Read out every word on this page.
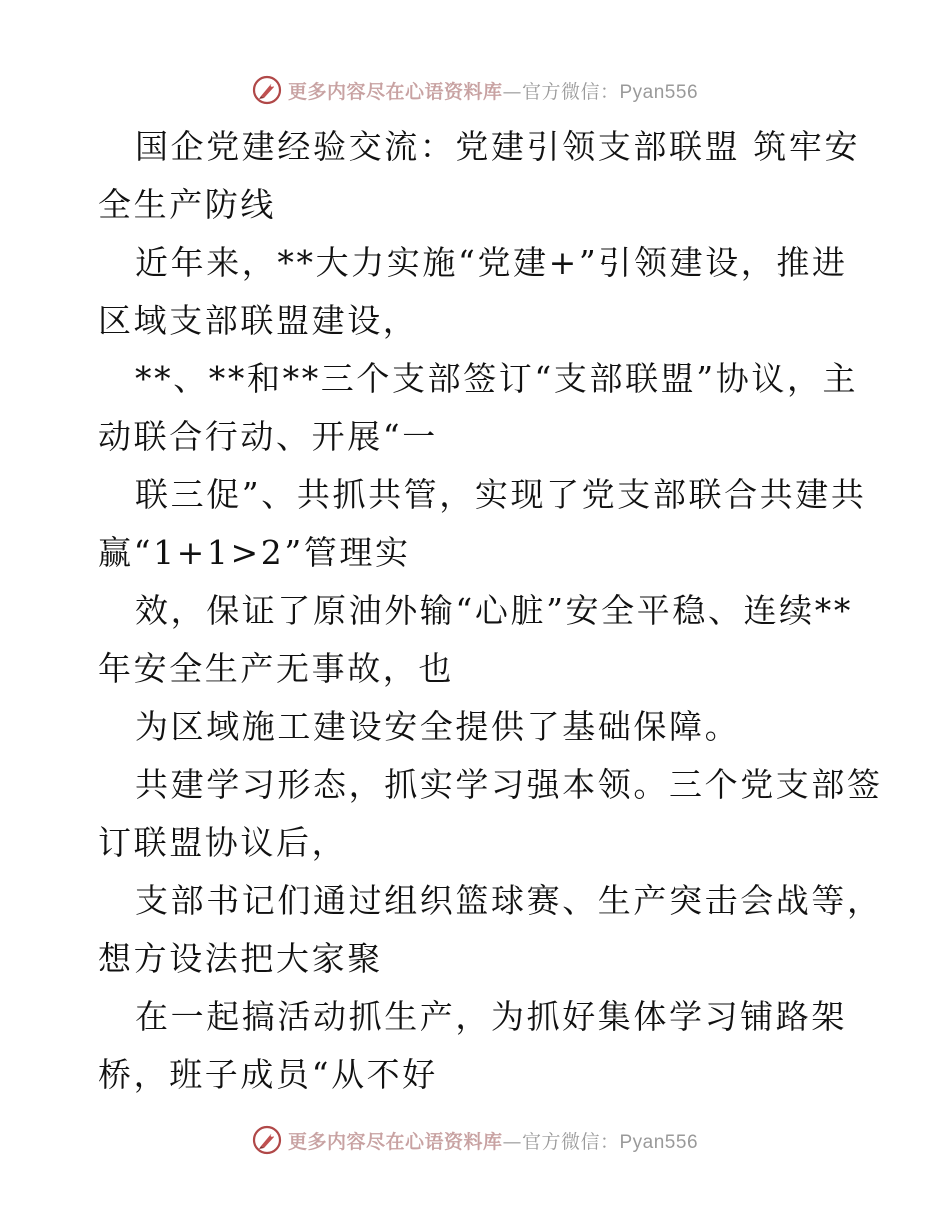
更多内容尽在心语资料库—官方微信：Pyan556

国企党建经验交流：党建引领支部联盟 筑牢安
全生产防线

近年来，**大力实施“党建+”引领建设，推进
区域支部联盟建设，

**、**和**三个支部签订“支部联盟”协议，主
动联合行动、开展“一

联三促”、共抓共管，实现了党支部联合共建共
赢“1+1>2”管理实

效，保证了原油外输“心脏”安全平稳、连续**
年安全生产无事故，也

为区域施工建设安全提供了基础保障。

共建学习形态，抓实学习强本领。三个党支部签
订联盟协议后，

支部书记们通过组织篮球赛、生产突击会战等，
想方设法把大家聚

在一起搞活动抓生产，为抓好集体学习铺路架
桥，班子成员“从不好

更多内容尽在心语资料库—官方微信：Pyan556
